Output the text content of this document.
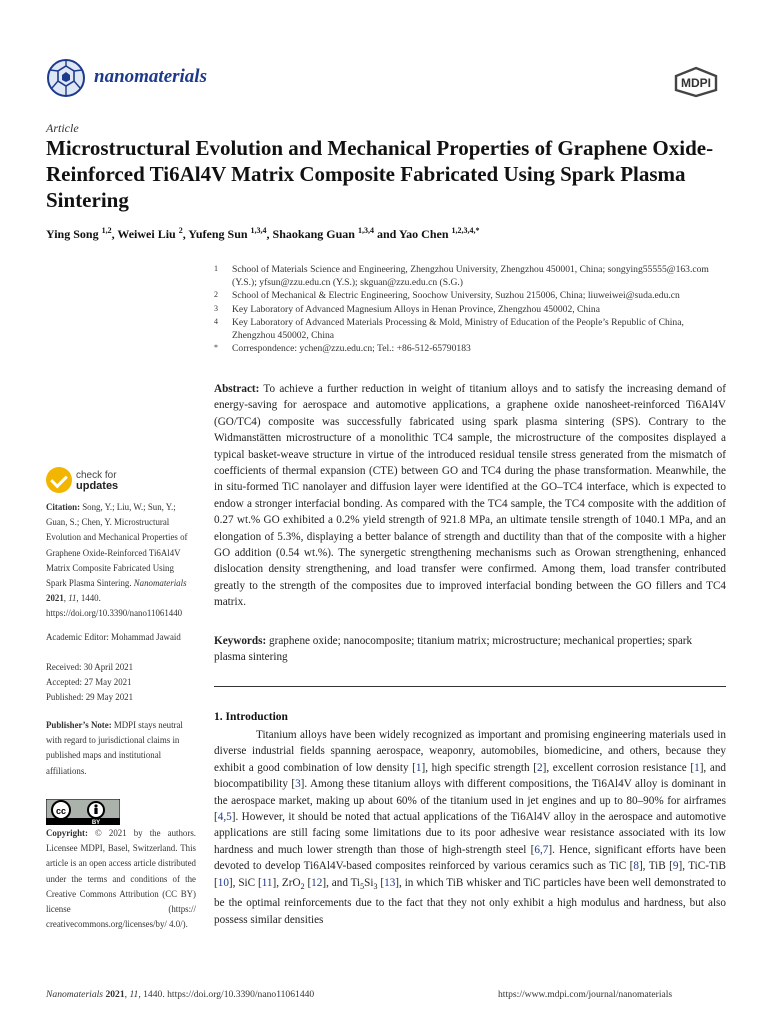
nanomaterials	MDPI
Article
Microstructural Evolution and Mechanical Properties of Graphene Oxide-Reinforced Ti6Al4V Matrix Composite Fabricated Using Spark Plasma Sintering
Ying Song $^{1,2}$, Weiwei Liu $^2$, Yufeng Sun $^{1,3,4}$, Shaokang Guan $^{1,3,4}$ and Yao Chen $^{1,2,3,4,*}$
1 School of Materials Science and Engineering, Zhengzhou University, Zhengzhou 450001, China; songying55555@163.com (Y.S.); yfsun@zzu.edu.cn (Y.S.); skguan@zzu.edu.cn (S.G.)
2 School of Mechanical & Electric Engineering, Soochow University, Suzhou 215006, China; liuweiwei@suda.edu.cn
3 Key Laboratory of Advanced Magnesium Alloys in Henan Province, Zhengzhou 450002, China
4 Key Laboratory of Advanced Materials Processing & Mold, Ministry of Education of the People’s Republic of China, Zhengzhou 450002, China
* Correspondence: ychen@zzu.edu.cn; Tel.: +86-512-65790183
Abstract: To achieve a further reduction in weight of titanium alloys and to satisfy the increasing demand of energy-saving for aerospace and automotive applications, a graphene oxide nanosheet-reinforced Ti6Al4V (GO/TC4) composite was successfully fabricated using spark plasma sintering (SPS). Contrary to the Widmanstätten microstructure of a monolithic TC4 sample, the microstructure of the composites displayed a typical basket-weave structure in virtue of the introduced residual tensile stress generated from the mismatch of coefficients of thermal expansion (CTE) between GO and TC4 during the phase transformation. Meanwhile, the in situ-formed TiC nanolayer and diffusion layer were identified at the GO–TC4 interface, which is expected to endow a stronger interfacial bonding. As compared with the TC4 sample, the TC4 composite with the addition of 0.27 wt.% GO exhibited a 0.2% yield strength of 921.8 MPa, an ultimate tensile strength of 1040.1 MPa, and an elongation of 5.3%, displaying a better balance of strength and ductility than that of the composite with a higher GO addition (0.54 wt.%). The synergetic strengthening mechanisms such as Orowan strengthening, enhanced dislocation density strengthening, and load transfer were confirmed. Among them, load transfer contributed greatly to the strength of the composites due to improved interfacial bonding between the GO fillers and TC4 matrix.
Keywords: graphene oxide; nanocomposite; titanium matrix; microstructure; mechanical properties; spark plasma sintering
1. Introduction
Titanium alloys have been widely recognized as important and promising engineering materials used in diverse industrial fields spanning aerospace, weaponry, automobiles, biomedicine, and others, because they exhibit a good combination of low density [1], high specific strength [2], excellent corrosion resistance [1], and biocompatibility [3]. Among these titanium alloys with different compositions, the Ti6Al4V alloy is dominant in the aerospace market, making up about 60% of the titanium used in jet engines and up to 80–90% for airframes [4,5]. However, it should be noted that actual applications of the Ti6Al4V alloy in the aerospace and automotive applications are still facing some limitations due to its poor adhesive wear resistance associated with its low hardness and much lower strength than those of high-strength steel [6,7]. Hence, significant efforts have been devoted to develop Ti6Al4V-based composites reinforced by various ceramics such as TiC [8], TiB [9], TiC-TiB [10], SiC [11], ZrO$_2$ [12], and $Ti_5Si_3$ [13], in which TiB whisker and TiC particles have been well demonstrated to be the optimal reinforcements due to the fact that they not only exhibit a high modulus and hardness, but also possess similar densities
check for
updates
Citation: Song, Y.; Liu, W.; Sun, Y.; Guan, S.; Chen, Y. Microstructural Evolution and Mechanical Properties of Graphene Oxide-Reinforced Ti6Al4V Matrix Composite Fabricated Using Spark Plasma Sintering. Nanomaterials 2021, 11, 1440. https://doi.org/10.3390/nano11061440
Academic Editor: Mohammad Jawaid
Received: 30 April 2021
Accepted: 27 May 2021
Published: 29 May 2021
Publisher’s Note: MDPI stays neutral with regard to jurisdictional claims in published maps and institutional affiliations.
cc
BY
Copyright: © 2021 by the authors. Licensee MDPI, Basel, Switzerland. This article is an open access article distributed under the terms and conditions of the Creative Commons Attribution (CC BY) license (https:// creativecommons.org/licenses/by/ 4.0/).
Nanomaterials 2021, 11, 1440. https://doi.org/10.3390/nano11061440	https://www.mdpi.com/journal/nanomaterials
